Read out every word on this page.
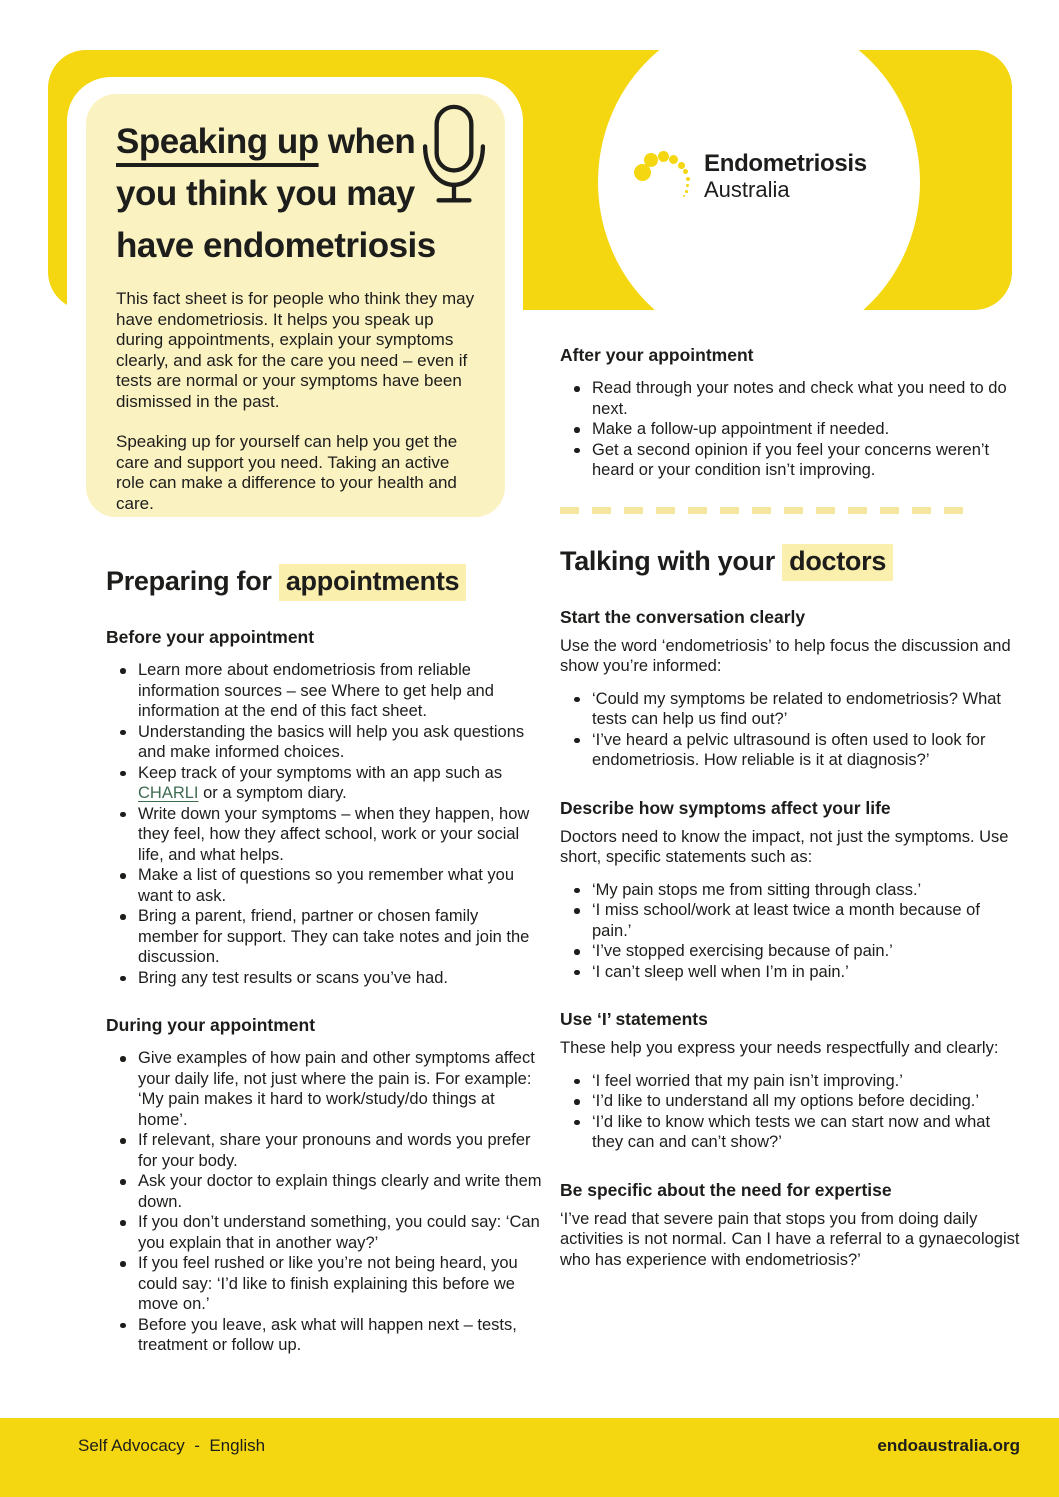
Endometriosis
Australia
Speaking up when
you think you may
have endometriosis

This fact sheet is for people who think they may have endometriosis. It helps you speak up during appointments, explain your symptoms clearly, and ask for the care you need – even if tests are normal or your symptoms have been dismissed in the past.

Speaking up for yourself can help you get the care and support you need. Taking an active role can make a difference to your health and care.

Preparing for appointments
Before your appointment
Learn more about endometriosis from reliable information sources – see Where to get help and information at the end of this fact sheet.
Understanding the basics will help you ask questions and make informed choices.
Keep track of your symptoms with an app such as CHARLI or a symptom diary.
Write down your symptoms – when they happen, how they feel, how they affect school, work or your social life, and what helps.
Make a list of questions so you remember what you want to ask.
Bring a parent, friend, partner or chosen family member for support. They can take notes and join the discussion.
Bring any test results or scans you’ve had.
During your appointment
Give examples of how pain and other symptoms affect your daily life, not just where the pain is. For example: ‘My pain makes it hard to work/study/do things at home’.
If relevant, share your pronouns and words you prefer for your body.
Ask your doctor to explain things clearly and write them down.
If you don’t understand something, you could say: ‘Can you explain that in another way?’
If you feel rushed or like you’re not being heard, you could say: ‘I’d like to finish explaining this before we move on.’
Before you leave, ask what will happen next – tests, treatment or follow up.
After your appointment
Read through your notes and check what you need to do next.
Make a follow-up appointment if needed.
Get a second opinion if you feel your concerns weren’t heard or your condition isn’t improving.
Talking with your doctors
Start the conversation clearly

Use the word ‘endometriosis’ to help focus the discussion and show you’re informed:

‘Could my symptoms be related to endometriosis? What tests can help us find out?’
‘I’ve heard a pelvic ultrasound is often used to look for endometriosis. How reliable is it at diagnosis?’
Describe how symptoms affect your life

Doctors need to know the impact, not just the symptoms. Use short, specific statements such as:

‘My pain stops me from sitting through class.’
‘I miss school/work at least twice a month because of pain.’
‘I’ve stopped exercising because of pain.’
‘I can’t sleep well when I’m in pain.’
Use ‘I’ statements

These help you express your needs respectfully and clearly:

‘I feel worried that my pain isn’t improving.’
‘I’d like to understand all my options before deciding.’
‘I’d like to know which tests we can start now and what they can and can’t show?’
Be specific about the need for expertise

‘I’ve read that severe pain that stops you from doing daily activities is not normal. Can I have a referral to a gynaecologist who has experience with endometriosis?’

Self Advocacy  -  English	endoaustralia.org
